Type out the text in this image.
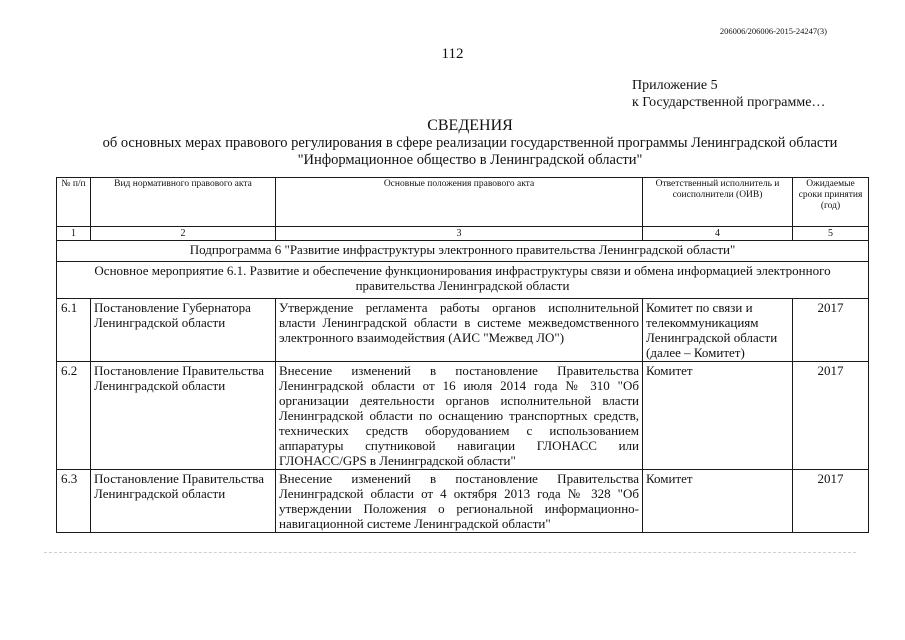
206006/206006-2015-24247(3)
112
Приложение 5
к Государственной программе…
СВЕДЕНИЯ
об основных мерах правового регулирования в сфере реализации государственной программы Ленинградской области
"Информационное общество в Ленинградской области"
№ п/п	Вид нормативного правового акта	Основные положения правового акта	Ответственный исполнитель и соисполнители (ОИВ)	Ожидаемые сроки принятия (год)
1	2	3	4	5
Подпрограмма 6 "Развитие инфраструктуры электронного правительства Ленинградской области"				
Основное мероприятие 6.1. Развитие и обеспечение функционирования инфраструктуры связи и обмена информацией электронного правительства Ленинградской области				
6.1	Постановление Губернатора Ленинградской области	Утверждение регламента работы органов исполнительной власти Ленинградской области в системе межведомственного электронного взаимодействия (АИС "Межвед ЛО")	Комитет по связи и телекоммуникациям Ленинградской области (далее – Комитет)	2017
6.2	Постановление Правительства Ленинградской области	Внесение изменений в постановление Правительства Ленинградской области от 16 июля 2014 года № 310 "Об организации деятельности органов исполнительной власти Ленинградской области по оснащению транспортных средств, технических средств оборудованием с использованием аппаратуры спутниковой навигации ГЛОНАСС или ГЛОНАСС/GPS в Ленинградской области"	Комитет	2017
6.3	Постановление Правительства Ленинградской области	Внесение изменений в постановление Правительства Ленинградской области от 4 октября 2013 года № 328 "Об утверждении Положения о региональной информационно-навигационной системе Ленинградской области"	Комитет	2017
